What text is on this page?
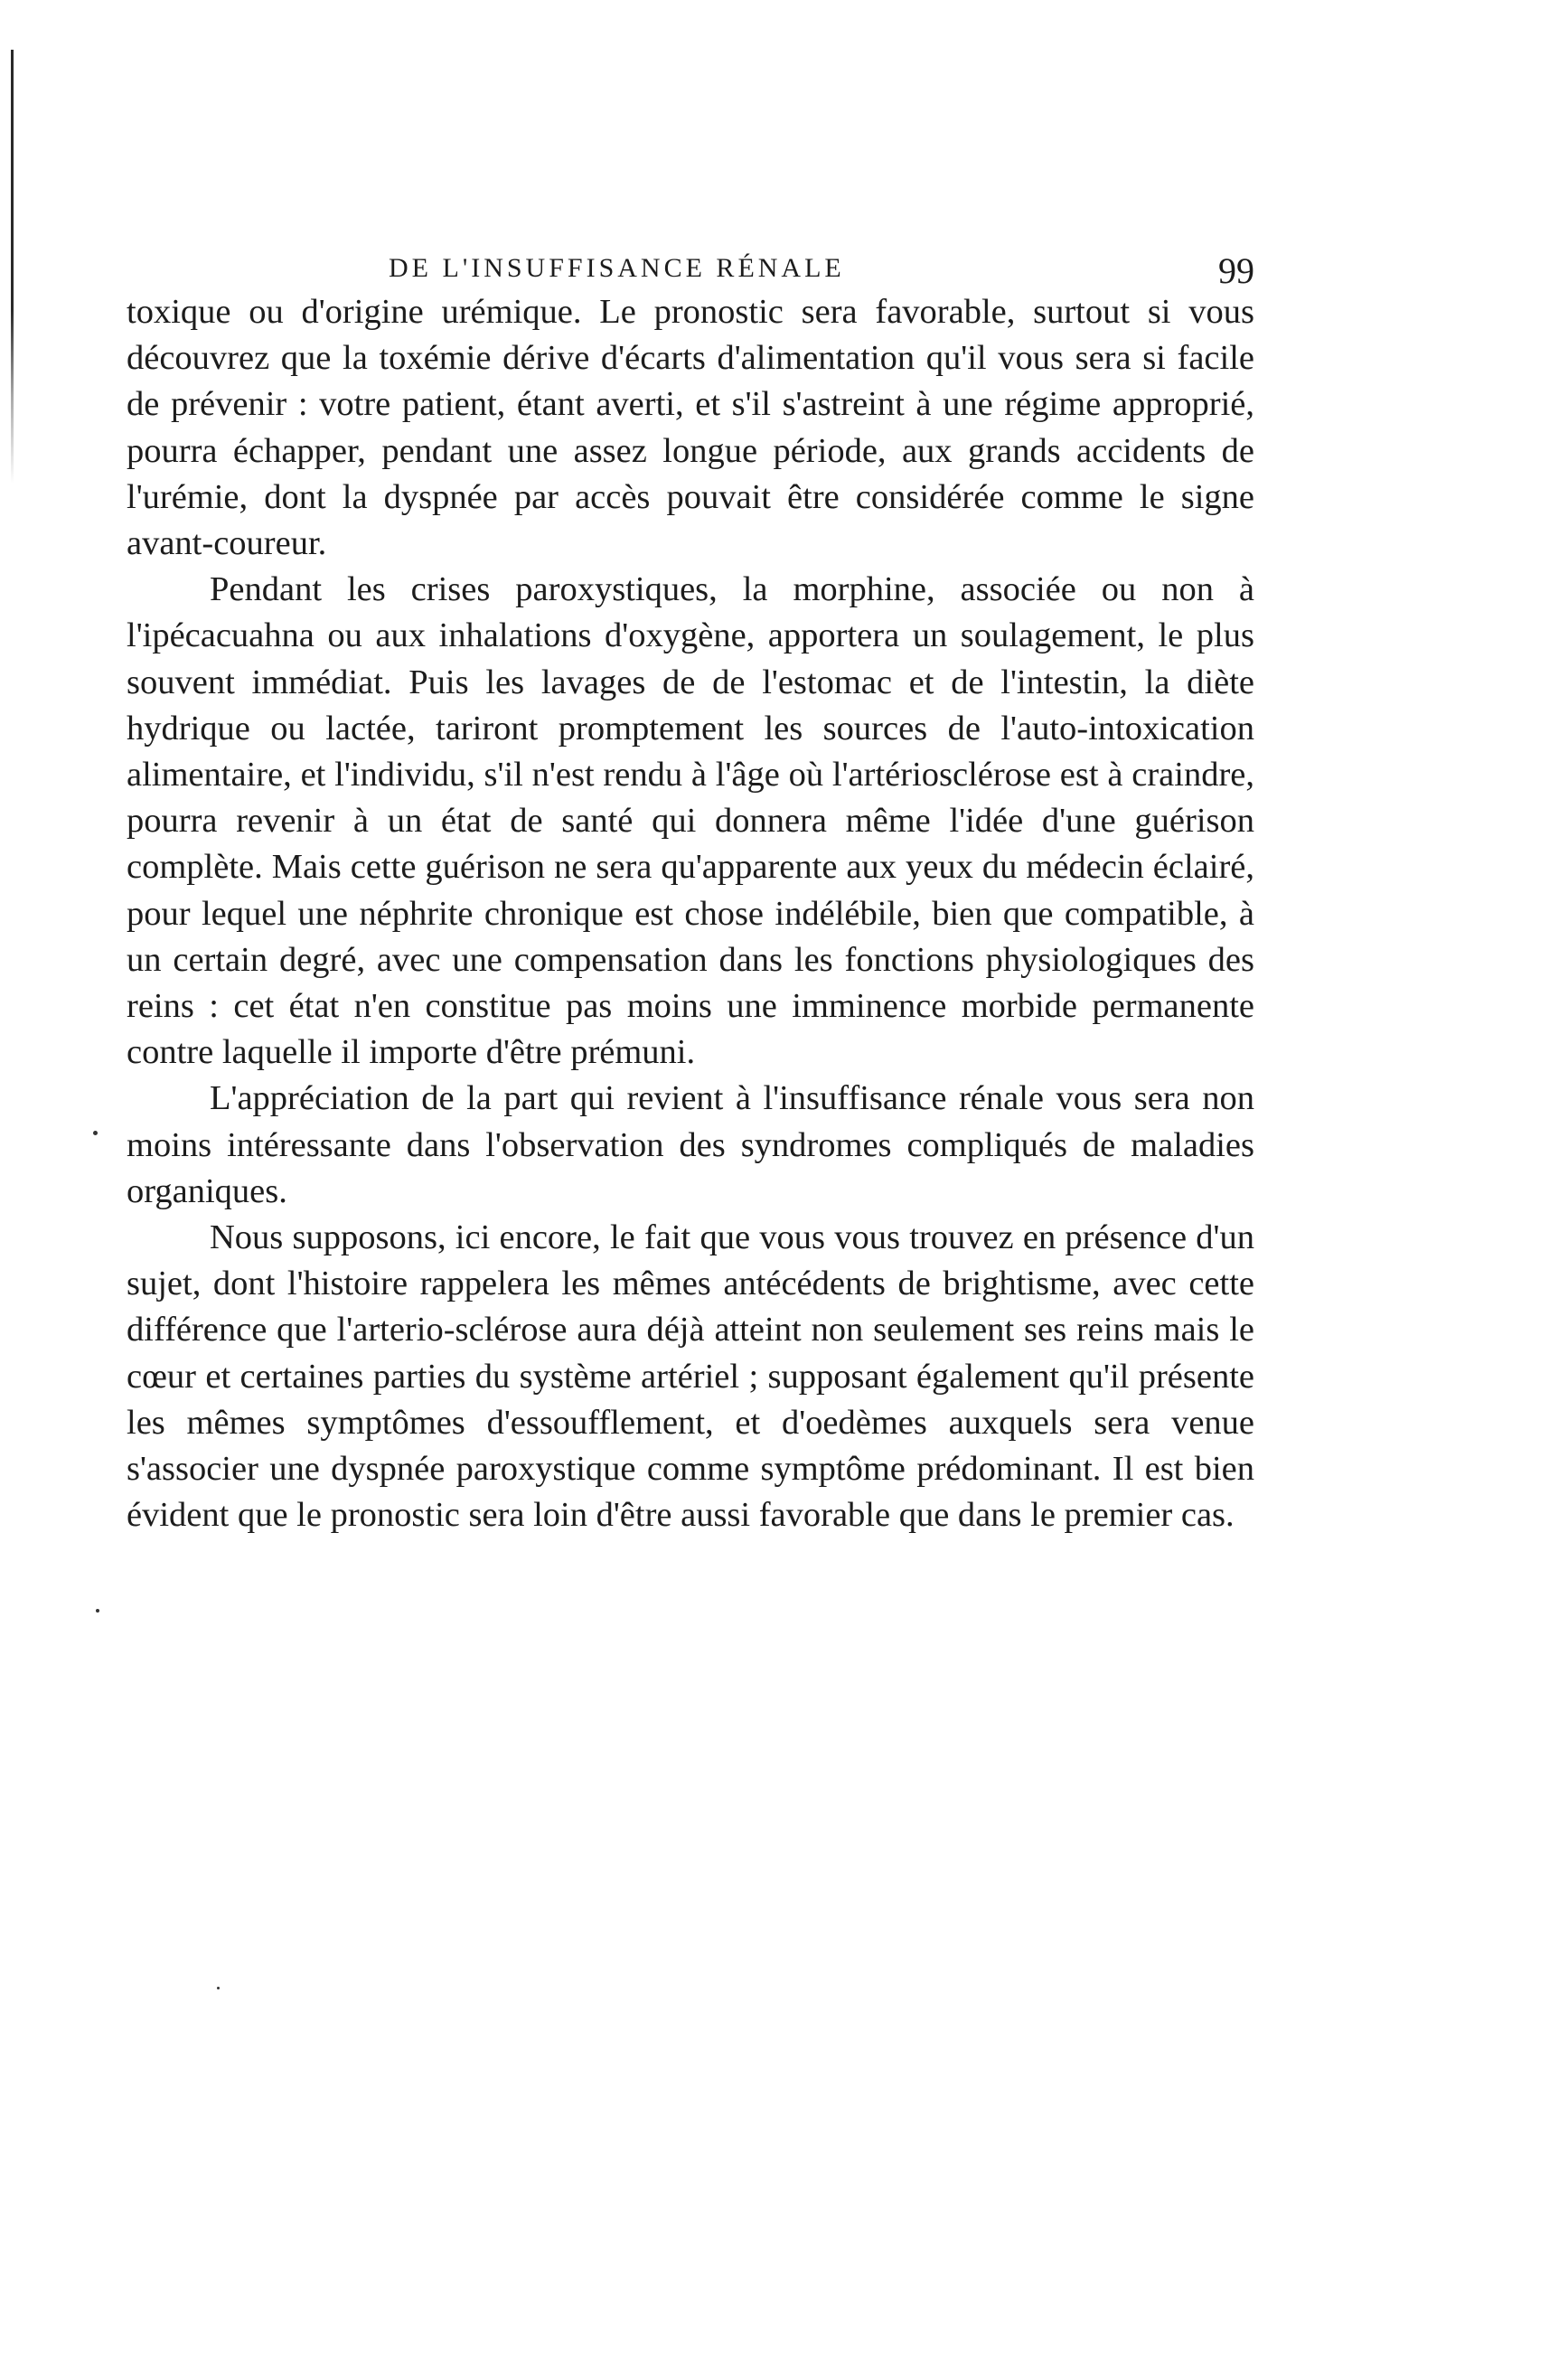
DE L'INSUFFISANCE RÉNALE	99

toxique ou d'origine urémique. Le pronostic sera favorable, surtout si vous découvrez que la toxémie dérive d'écarts d'alimentation qu'il vous sera si facile de prévenir : votre patient, étant averti, et s'il s'astreint à une régime approprié, pourra échapper, pendant une assez longue période, aux grands accidents de l'urémie, dont la dyspnée par accès pouvait être considérée comme le signe avant-coureur.

Pendant les crises paroxystiques, la morphine, associée ou non à l'ipécacuahna ou aux inhalations d'oxygène, apportera un soulagement, le plus souvent immédiat. Puis les lavages de de l'estomac et de l'intestin, la diète hydrique ou lactée, tariront promptement les sources de l'auto-intoxication alimentaire, et l'individu, s'il n'est rendu à l'âge où l'artériosclérose est à craindre, pourra revenir à un état de santé qui donnera même l'idée d'une guérison complète. Mais cette guérison ne sera qu'apparente aux yeux du médecin éclairé, pour lequel une néphrite chronique est chose indélébile, bien que compatible, à un certain degré, avec une compensation dans les fonctions physiologiques des reins : cet état n'en constitue pas moins une imminence morbide permanente contre laquelle il importe d'être prémuni.

L'appréciation de la part qui revient à l'insuffisance rénale vous sera non moins intéressante dans l'observation des syndromes compliqués de maladies organiques.

Nous supposons, ici encore, le fait que vous vous trouvez en présence d'un sujet, dont l'histoire rappelera les mêmes antécédents de brightisme, avec cette différence que l'arterio-sclérose aura déjà atteint non seulement ses reins mais le cœur et certaines parties du système artériel ; supposant également qu'il présente les mêmes symptômes d'essoufflement, et d'oedèmes auxquels sera venue s'associer une dyspnée paroxystique comme symptôme prédominant. Il est bien évident que le pronostic sera loin d'être aussi favorable que dans le premier cas.
